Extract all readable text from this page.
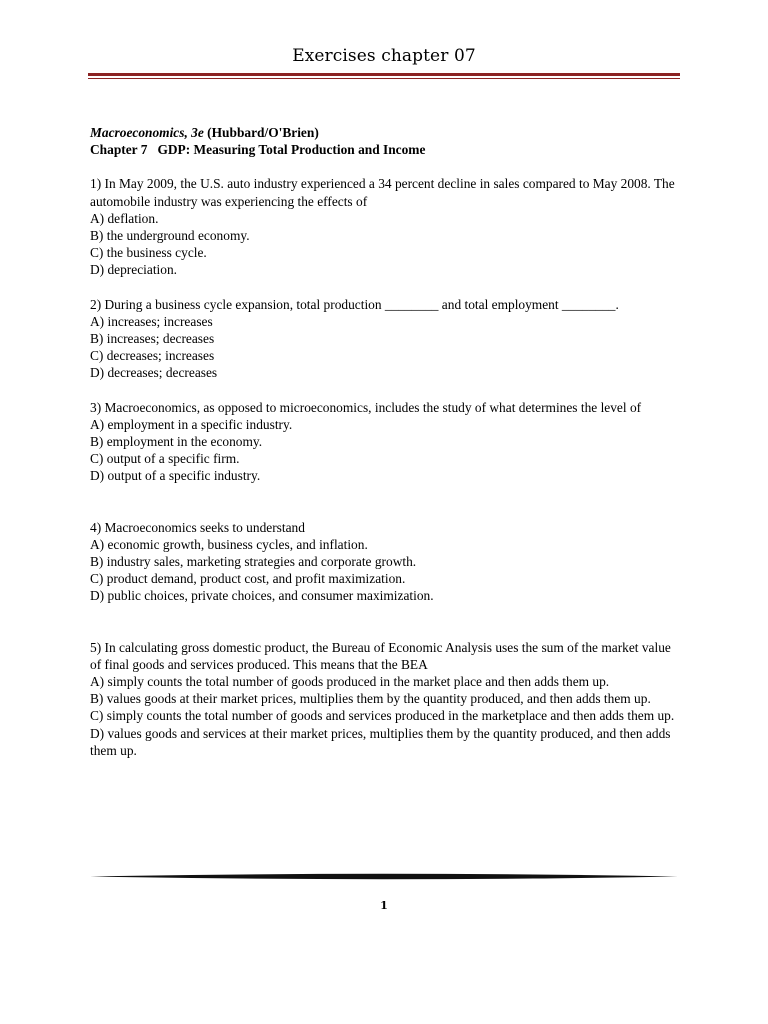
Exercises chapter 07
Macroeconomics, 3e (Hubbard/O'Brien)
Chapter 7   GDP: Measuring Total Production and Income
1) In May 2009, the U.S. auto industry experienced a 34 percent decline in sales compared to May 2008. The automobile industry was experiencing the effects of
A) deflation.
B) the underground economy.
C) the business cycle.
D) depreciation.
2) During a business cycle expansion, total production ________ and total employment ________.
A) increases; increases
B) increases; decreases
C) decreases; increases
D) decreases; decreases
3) Macroeconomics, as opposed to microeconomics, includes the study of what determines the level of
A) employment in a specific industry.
B) employment in the economy.
C) output of a specific firm.
D) output of a specific industry.
4) Macroeconomics seeks to understand
A) economic growth, business cycles, and inflation.
B) industry sales, marketing strategies and corporate growth.
C) product demand, product cost, and profit maximization.
D) public choices, private choices, and consumer maximization.
5) In calculating gross domestic product, the Bureau of Economic Analysis uses the sum of the market value of final goods and services produced. This means that the BEA
A) simply counts the total number of goods produced in the market place and then adds them up.
B) values goods at their market prices, multiplies them by the quantity produced, and then adds them up.
C) simply counts the total number of goods and services produced in the marketplace and then adds them up.
D) values goods and services at their market prices, multiplies them by the quantity produced, and then adds them up.
1
